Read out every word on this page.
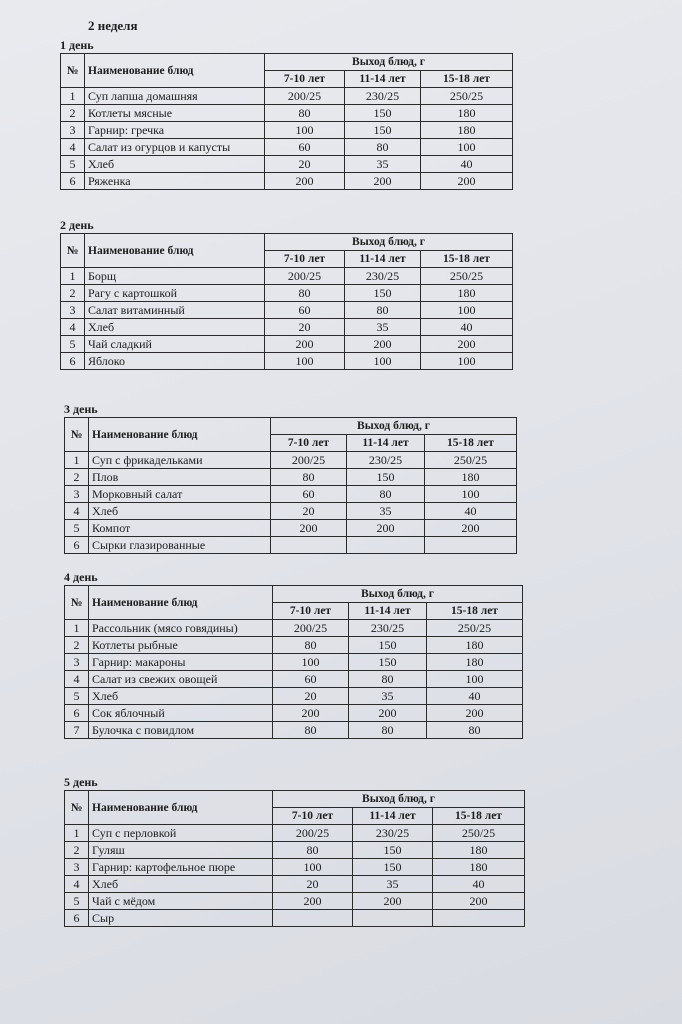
2 неделя
1 день
№	Наименование блюд	Выход блюд, г		
		7-10 лет	11-14 лет	15-18 лет
1	Суп лапша домашняя	200/25	230/25	250/25
2	Котлеты мясные	80	150	180
3	Гарнир: гречка	100	150	180
4	Салат из огурцов и капусты	60	80	100
5	Хлеб	20	35	40
6	Ряженка	200	200	200
2 день
№	Наименование блюд	Выход блюд, г		
		7-10 лет	11-14 лет	15-18 лет
1	Борщ	200/25	230/25	250/25
2	Рагу с картошкой	80	150	180
3	Салат витаминный	60	80	100
4	Хлеб	20	35	40
5	Чай сладкий	200	200	200
6	Яблоко	100	100	100
3 день
№	Наименование блюд	Выход блюд, г		
		7-10 лет	11-14 лет	15-18 лет
1	Суп с фрикадельками	200/25	230/25	250/25
2	Плов	80	150	180
3	Морковный салат	60	80	100
4	Хлеб	20	35	40
5	Компот	200	200	200
6	Сырки глазированные			
4 день
№	Наименование блюд	Выход блюд, г		
		7-10 лет	11-14 лет	15-18 лет
1	Рассольник (мясо говядины)	200/25	230/25	250/25
2	Котлеты рыбные	80	150	180
3	Гарнир: макароны	100	150	180
4	Салат из свежих овощей	60	80	100
5	Хлеб	20	35	40
6	Сок яблочный	200	200	200
7	Булочка с повидлом	80	80	80
5 день
№	Наименование блюд	Выход блюд, г		
		7-10 лет	11-14 лет	15-18 лет
1	Суп с перловкой	200/25	230/25	250/25
2	Гуляш	80	150	180
3	Гарнир: картофельное пюре	100	150	180
4	Хлеб	20	35	40
5	Чай с мёдом	200	200	200
6	Сыр			
